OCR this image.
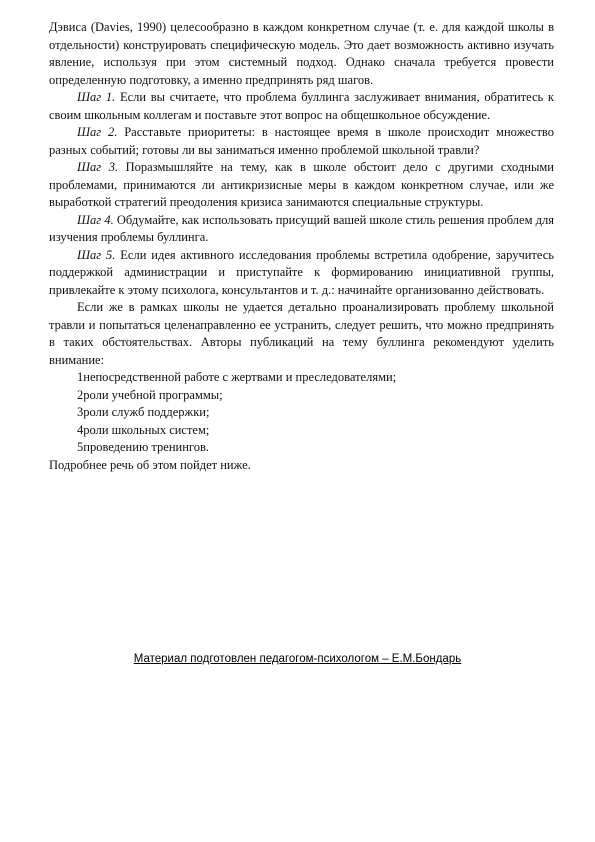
Дэвиса (Davies, 1990) целесообразно в каждом конкретном случае (т. е. для каждой школы в отдельности) конструировать специфическую модель. Это дает возможность активно изучать явление, используя при этом системный подход. Однако сначала требуется провести определенную подготовку, а именно предпринять ряд шагов.

Шаг 1. Если вы считаете, что проблема буллинга заслуживает внимания, обратитесь к своим школьным коллегам и поставьте этот вопрос на общешкольное обсуждение.

Шаг 2. Расставьте приоритеты: в настоящее время в школе происходит множество разных событий; готовы ли вы заниматься именно проблемой школьной травли?

Шаг 3. Поразмышляйте на тему, как в школе обстоит дело с другими сходными проблемами, принимаются ли антикризисные меры в каждом конкретном случае, или же выработкой стратегий преодоления кризиса занимаются специальные структуры.

Шаг 4. Обдумайте, как использовать присущий вашей школе стиль решения проблем для изучения проблемы буллинга.

Шаг 5. Если идея активного исследования проблемы встретила одобрение, заручитесь поддержкой администрации и приступайте к формированию инициативной группы, привлекайте к этому психолога, консультантов и т. д.: начинайте организованно действовать.

Если же в рамках школы не удается детально проанализировать проблему школьной травли и попытаться целенаправленно ее устранить, следует решить, что можно предпринять в таких обстоятельствах. Авторы публикаций на тему буллинга рекомендуют уделить внимание:

1непосредственной работе с жертвами и преследователями;
2роли учебной программы;
3роли служб поддержки;
4роли школьных систем;
5проведению тренингов.

Подробнее речь об этом пойдет ниже.

Материал подготовлен педагогом-психологом – Е.М.Бондарь
